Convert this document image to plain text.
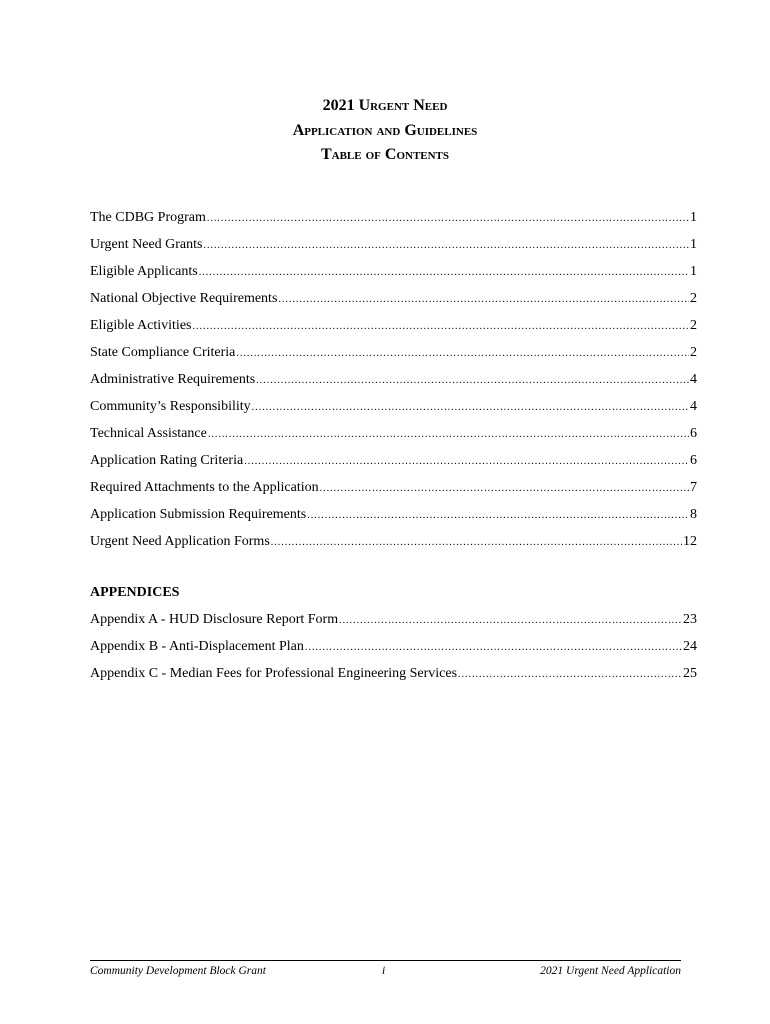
2021 Urgent Need
Application and Guidelines
Table of Contents
The CDBG Program .....	1
Urgent Need Grants .....	1
Eligible Applicants .....	1
National Objective Requirements .....	2
Eligible Activities .....	2
State Compliance Criteria .....	2
Administrative Requirements .....	4
Community’s Responsibility .....	4
Technical Assistance .....	6
Application Rating Criteria .....	6
Required Attachments to the Application .....	7
Application Submission Requirements .....	8
Urgent Need Application Forms .....	12
APPENDICES
Appendix A - HUD Disclosure Report Form .....	23
Appendix B - Anti-Displacement Plan .....	24
Appendix C - Median Fees for Professional Engineering Services .....	25
Community Development Block Grant	i	2021 Urgent Need Application
